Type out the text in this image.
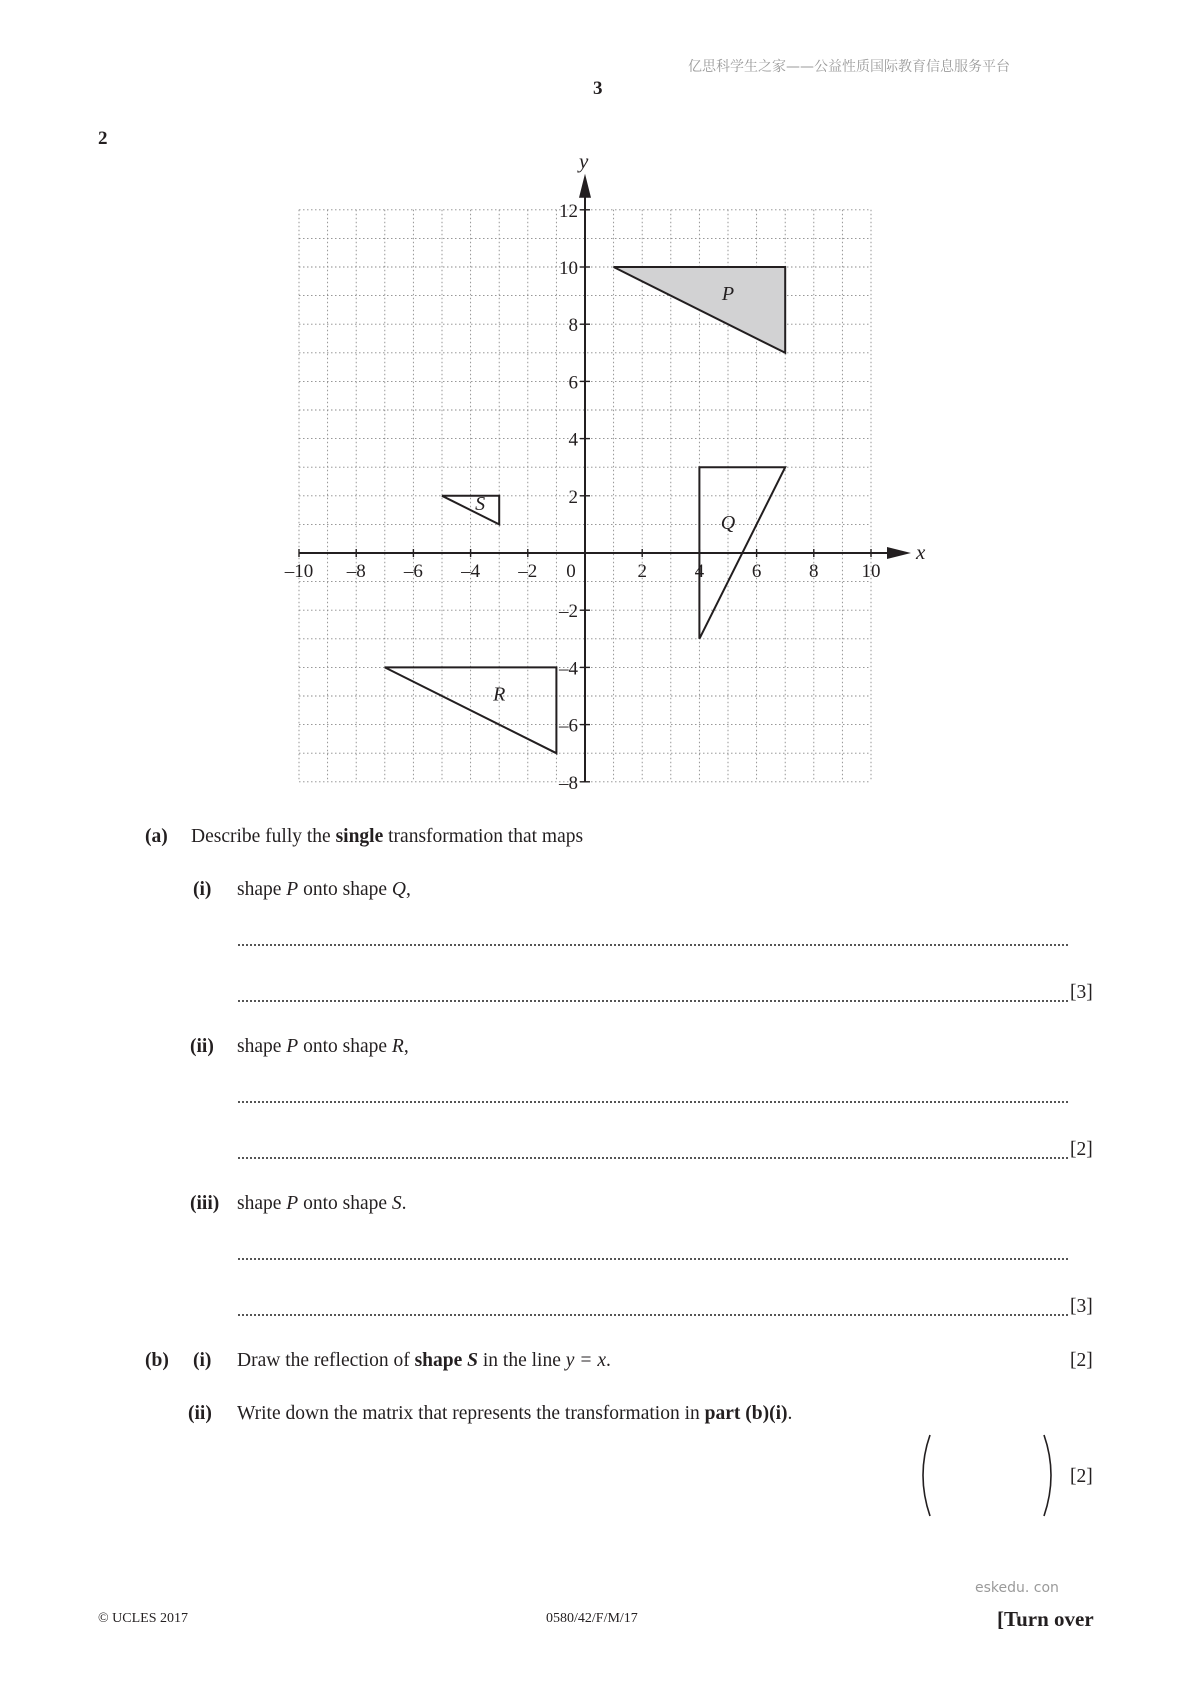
亿思科学生之家——公益性质国际教育信息服务平台
3
2
x
y
–10 –8 –6 –4 –2 0	2	4	6	8 10
12
10
8
6
4
2
–2
–4
–6
–8
P
Q
R
S
(a) Describe fully the single transformation that maps
(i) shape P onto shape Q,
[3]
(ii) shape P onto shape R,
[2]
(iii) shape P onto shape S.
[3]
(b) (i) Draw the reflection of shape S in the line y = x.	[2]
(ii) Write down the matrix that represents the transformation in part (b)(i).
[2]
eskedu. con
© UCLES 2017	0580/42/F/M/17	[Turn over
